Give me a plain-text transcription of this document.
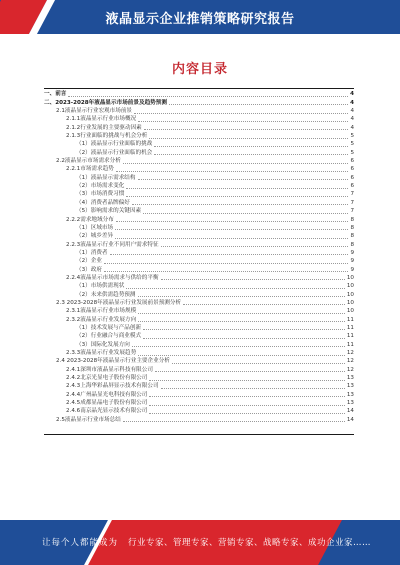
液晶显示企业推销策略研究报告
内容目录
一、前言	4
二、2023-2028年液晶显示市场前景及趋势预测	4
2.1液晶显示行业宏观市场前景	4
2.1.1液晶显示行业市场概况	4
2.1.2行业发展的主要驱动因素	4
2.1.3行业面临的挑战与机会分析	5
（1）液晶显示行业面临的挑战	5
（2）液晶显示行业面临的机会	5
2.2液晶显示市场需求分析	6
2.2.1市场需求趋势	6
（1）液晶显示需求结构	6
（2）市场需求变化	6
（3）市场消费习惯	7
（4）消费者品牌偏好	7
（5）影响需求的关键因素	7
2.2.2需求地域分布	8
（1）区域市场	8
（2）城乡差异	8
2.2.3液晶显示行业不同用户需求特征	8
（1）消费者	9
（2）企业	9
（3）政府	9
2.2.4液晶显示市场需求与供给的平衡	10
（1）市场供需现状	10
（2）未来供需趋势预测	10
2.3 2023-2028年液晶显示行业发展前景预测分析	10
2.3.1液晶显示行业市场规模	10
2.3.2液晶显示行业发展方向	11
（1）技术发展与产品创新	11
（2）行业融合与商业模式	11
（3）国际化发展方向	11
2.3.3液晶显示行业发展趋势	12
2.4 2023-2028年液晶显示行业主要企业分析	12
2.4.1深圳市液晶显示科技有限公司	12
2.4.2北京光显电子股份有限公司	13
2.4.3上海华彩晶屏显示技术有限公司	13
2.4.4广州晶显光电科技有限公司	13
2.4.5成都显晶电子股份有限公司	13
2.4.6南京晶光显示技术有限公司	14
2.5液晶显示行业市场总结	14
让每个人都能成为 行业专家、管理专家、营销专家、战略专家、成功企业家……
